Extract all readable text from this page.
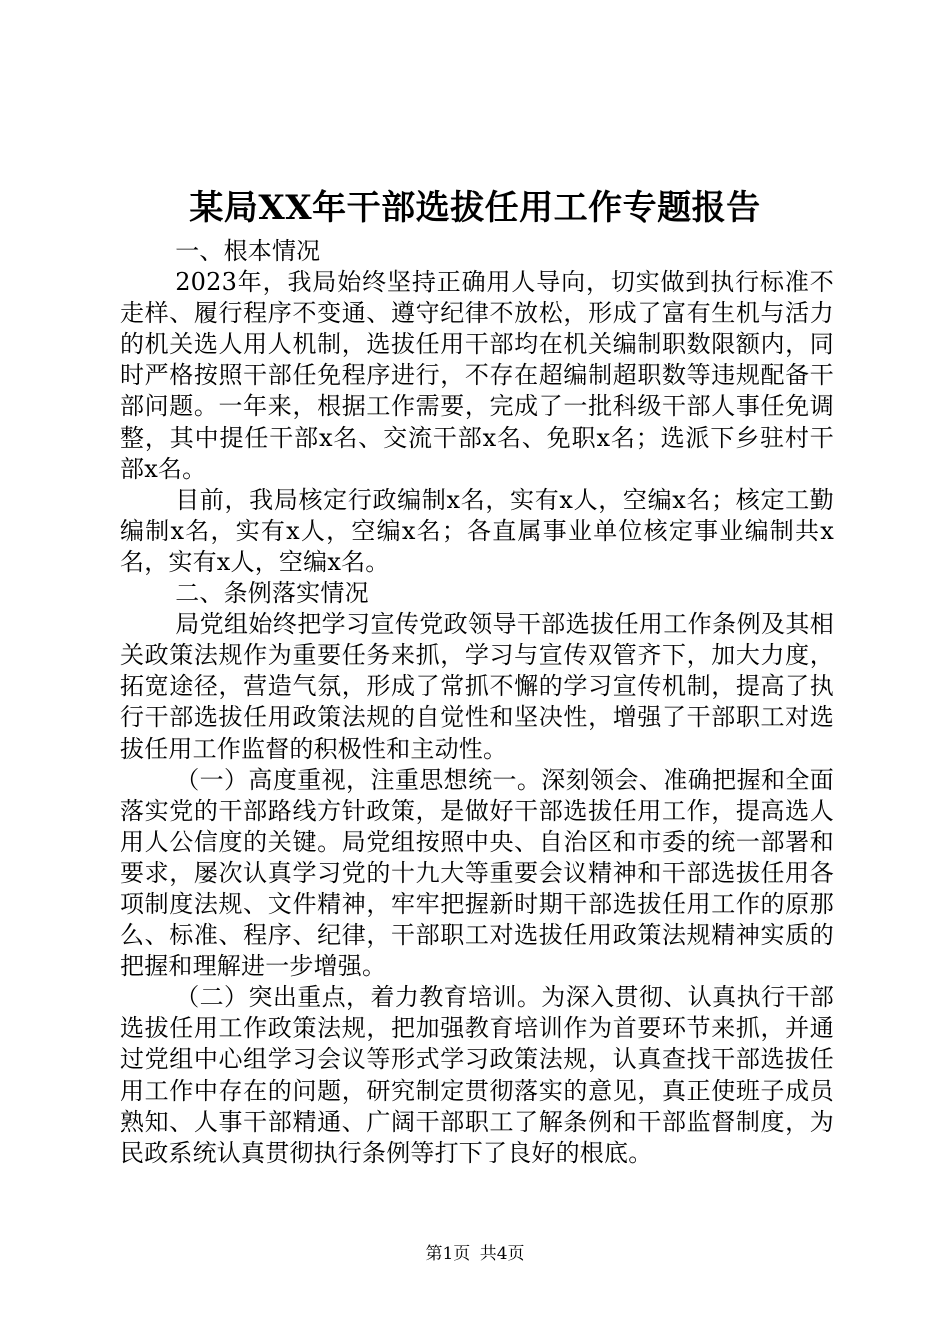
某局XX年干部选拔任用工作专题报告

一、根本情况

2023年，我局始终坚持正确用人导向，切实做到执行标准不走样、履行程序不变通、遵守纪律不放松，形成了富有生机与活力的机关选人用人机制，选拔任用干部均在机关编制职数限额内，同时严格按照干部任免程序进行，不存在超编制超职数等违规配备干部问题。一年来，根据工作需要，完成了一批科级干部人事任免调整，其中提任干部x名、交流干部x名、免职x名；选派下乡驻村干部x名。

目前，我局核定行政编制x名，实有x人，空编x名；核定工勤编制x名，实有x人，空编x名；各直属事业单位核定事业编制共x名，实有x人，空编x名。

二、条例落实情况

局党组始终把学习宣传党政领导干部选拔任用工作条例及其相关政策法规作为重要任务来抓，学习与宣传双管齐下，加大力度，拓宽途径，营造气氛，形成了常抓不懈的学习宣传机制，提高了执行干部选拔任用政策法规的自觉性和坚决性，增强了干部职工对选拔任用工作监督的积极性和主动性。

（一）高度重视，注重思想统一。深刻领会、准确把握和全面落实党的干部路线方针政策，是做好干部选拔任用工作，提高选人用人公信度的关键。局党组按照中央、自治区和市委的统一部署和要求，屡次认真学习党的十九大等重要会议精神和干部选拔任用各项制度法规、文件精神，牢牢把握新时期干部选拔任用工作的原那么、标准、程序、纪律，干部职工对选拔任用政策法规精神实质的把握和理解进一步增强。

（二）突出重点，着力教育培训。为深入贯彻、认真执行干部选拔任用工作政策法规，把加强教育培训作为首要环节来抓，并通过党组中心组学习会议等形式学习政策法规，认真查找干部选拔任用工作中存在的问题，研究制定贯彻落实的意见，真正使班子成员熟知、人事干部精通、广阔干部职工了解条例和干部监督制度，为民政系统认真贯彻执行条例等打下了良好的根底。

第1页 共4页
